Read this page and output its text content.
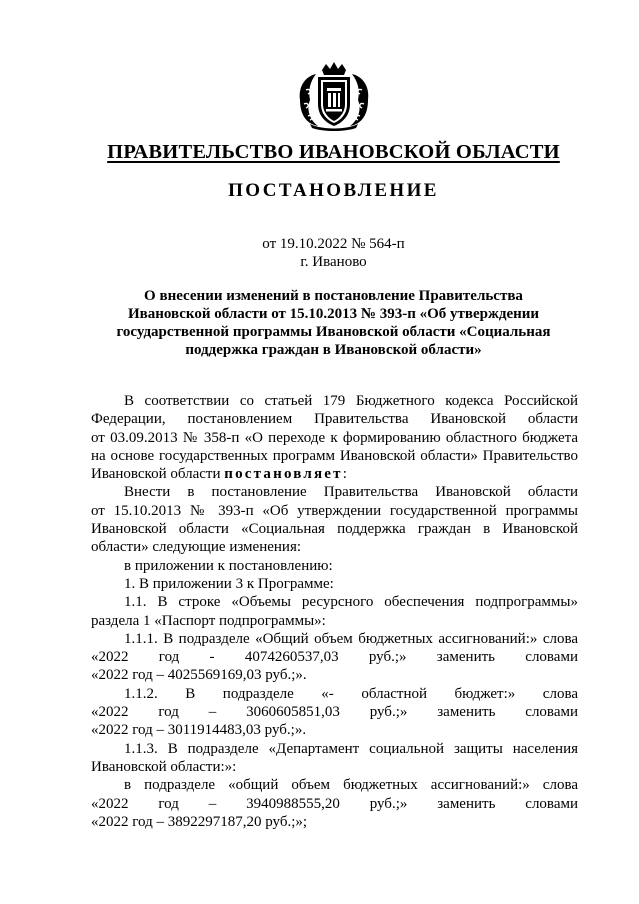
ПРАВИТЕЛЬСТВО ИВАНОВСКОЙ ОБЛАСТИ
ПОСТАНОВЛЕНИЕ
от 19.10.2022 № 564-п
г. Иваново
О внесении изменений в постановление Правительства
Ивановской области от 15.10.2013 № 393-п «Об утверждении
государственной программы Ивановской области «Социальная
поддержка граждан в Ивановской области»
В соответствии со статьей 179 Бюджетного кодекса Российской
Федерации, постановлением Правительства Ивановской области
от 03.09.2013 № 358-п «О переходе к формированию областного бюджета
на основе государственных программ Ивановской области» Правительство
Ивановской области постановляет:
Внести в постановление Правительства Ивановской области
от 15.10.2013 № 393-п «Об утверждении государственной программы
Ивановской области «Социальная поддержка граждан в Ивановской
области» следующие изменения:
в приложении к постановлению:
1. В приложении 3 к Программе:
1.1. В строке «Объемы ресурсного обеспечения подпрограммы»
раздела 1 «Паспорт подпрограммы»:
1.1.1. В подразделе «Общий объем бюджетных ассигнований:» слова
«2022 год - 4074260537,03 руб.;» заменить словами
«2022 год – 4025569169,03 руб.;».
1.1.2. В подразделе «- областной бюджет:» слова
«2022 год – 3060605851,03 руб.;» заменить словами
«2022 год – 3011914483,03 руб.;».
1.1.3. В подразделе «Департамент социальной защиты населения
Ивановской области:»:
в подразделе «общий объем бюджетных ассигнований:» слова
«2022 год – 3940988555,20 руб.;» заменить словами
«2022 год – 3892297187,20 руб.;»;
